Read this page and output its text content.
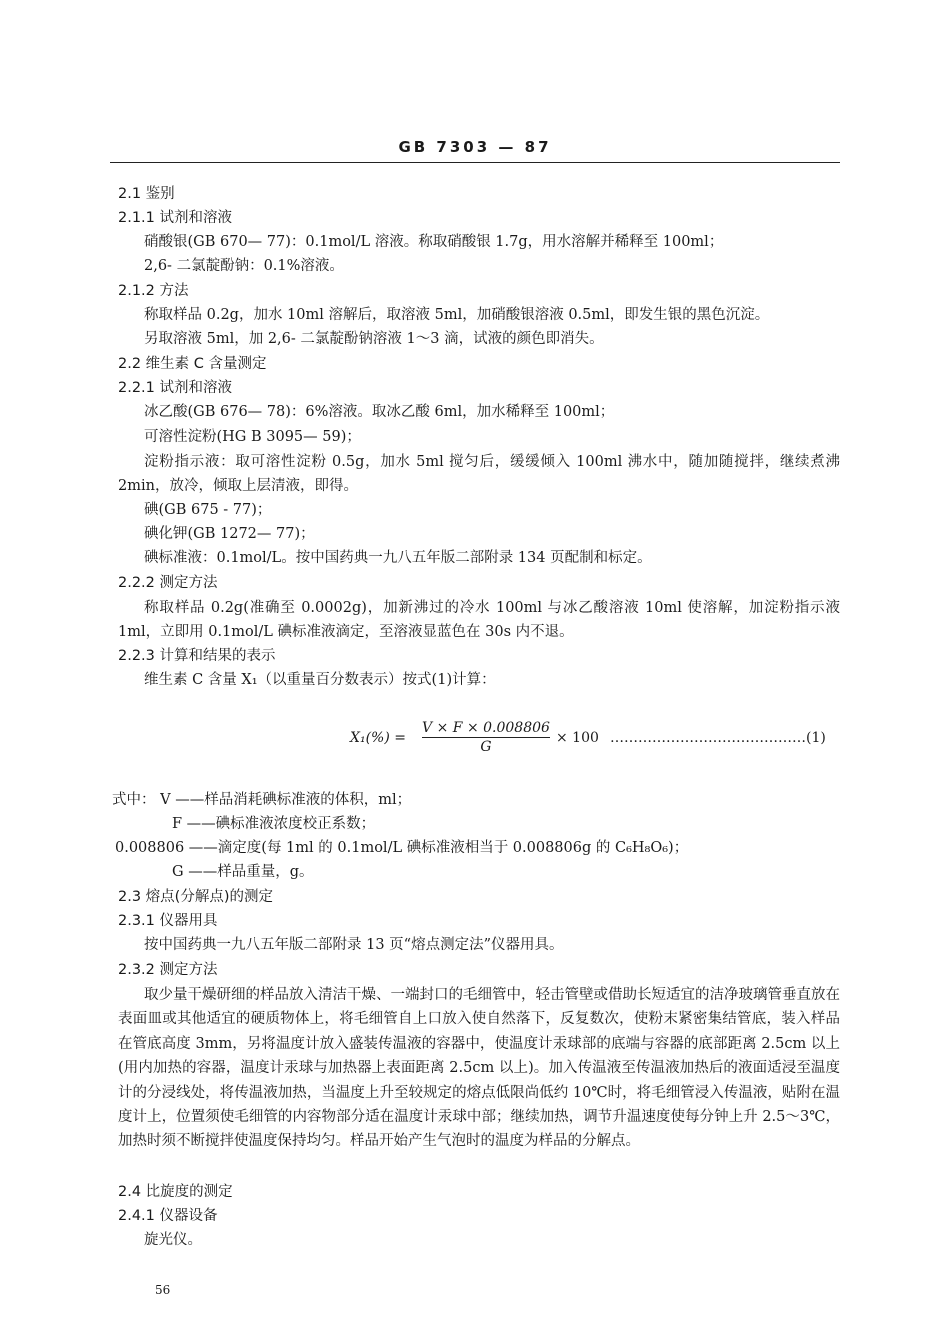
GB 7303 — 87
2.1 鉴别
2.1.1 试剂和溶液
硝酸银(GB 670— 77)：0.1mol/L 溶液。称取硝酸银 1.7g，用水溶解并稀释至 100ml；
2,6- 二氯靛酚钠：0.1%溶液。
2.1.2 方法
称取样品 0.2g，加水 10ml 溶解后，取溶液 5ml，加硝酸银溶液 0.5ml，即发生银的黑色沉淀。
另取溶液 5ml，加 2,6- 二氯靛酚钠溶液 1～3 滴，试液的颜色即消失。
2.2 维生素 C 含量测定
2.2.1 试剂和溶液
冰乙酸(GB 676— 78)：6%溶液。取冰乙酸 6ml，加水稀释至 100ml；
可溶性淀粉(HG B 3095— 59)；
碘(GB 675 - 77)；
碘化钾(GB 1272— 77)；
碘标准液：0.1mol/L。按中国药典一九八五年版二部附录 134 页配制和标定。
2.2.2 测定方法
2.2.3 计算和结果的表示
维生素 C 含量 X₁（以重量百分数表示）按式(1)计算：
式中： V ——样品消耗碘标准液的体积，ml；
F ——碘标准液浓度校正系数；
0.008806 ——滴定度(每 1ml 的 0.1mol/L 碘标准液相当于 0.008806g 的 C₆H₈O₆)；
G ——样品重量，g。
2.3 熔点(分解点)的测定
2.3.1 仪器用具
按中国药典一九八五年版二部附录 13 页“熔点测定法”仪器用具。
2.3.2 测定方法
2.4 比旋度的测定
2.4.1 仪器设备
旋光仪。
淀粉指示液：取可溶性淀粉 0.5g，加水 5ml 搅匀后，缓缓倾入 100ml 沸水中，随加随搅拌，继续煮沸 2min，放冷，倾取上层清液，即得。
称取样品 0.2g(准确至 0.0002g)，加新沸过的冷水 100ml 与冰乙酸溶液 10ml 使溶解，加淀粉指示液 1ml，立即用 0.1mol/L 碘标准液滴定，至溶液显蓝色在 30s 内不退。
取少量干燥研细的样品放入清洁干燥、一端封口的毛细管中，轻击管壁或借助长短适宜的洁净玻璃管垂直放在表面皿或其他适宜的硬质物体上，将毛细管自上口放入使自然落下，反复数次，使粉末紧密集结管底，装入样品在管底高度 3mm，另将温度计放入盛装传温液的容器中，使温度计汞球部的底端与容器的底部距离 2.5cm 以上(用内加热的容器，温度计汞球与加热器上表面距离 2.5cm 以上)。加入传温液至传温液加热后的液面适浸至温度计的分浸线处，将传温液加热，当温度上升至较规定的熔点低限尚低约 10℃时，将毛细管浸入传温液，贴附在温度计上，位置须使毛细管的内容物部分适在温度计汞球中部；继续加热，调节升温速度使每分钟上升 2.5～3℃，加热时须不断搅拌使温度保持均匀。样品开始产生气泡时的温度为样品的分解点。
$X_1(\%) = \frac{V \times F \times 0.008806}{G} \times 100$ ……………………………………(1)
56
